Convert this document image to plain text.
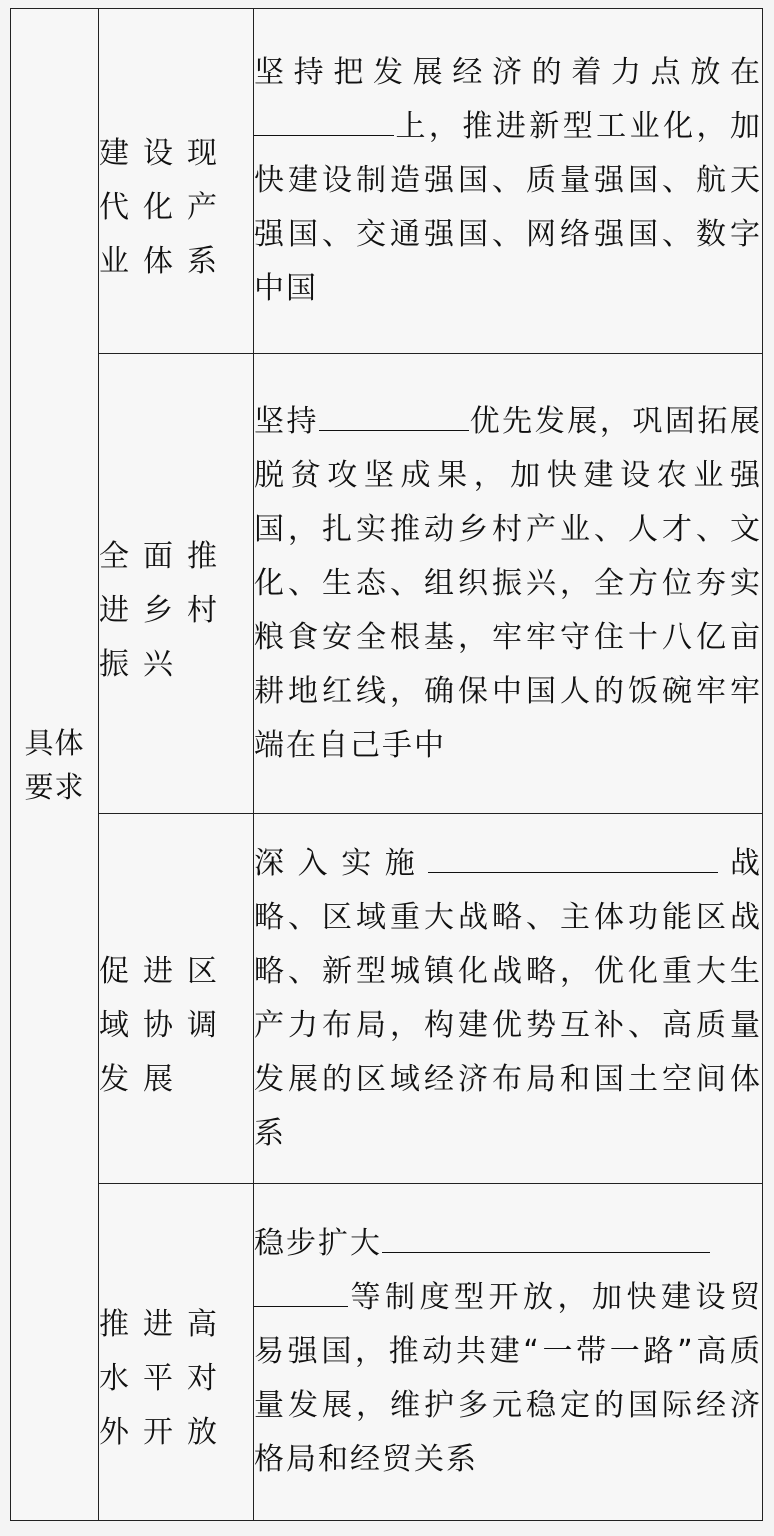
具体要求	建设现
代化产
业体系	坚持把发展经济的着力点放在上，推进新型工业化，加快建设制造强国、质量强国、航天强国、交通强国、网络强国、数字中国

全面推
进乡村
振兴	坚持 优先发展，巩固拓展脱贫攻坚成果，加快建设农业强国，扎实推动乡村产业、人才、文化、生态、组织振兴，全方位夯实粮食安全根基，牢牢守住十八亿亩耕地红线，确保中国人的饭碗牢牢端在自己手中

促进区
域协调
发展	深入实施 战略、区域重大战略、主体功能区战略、新型城镇化战略，优化重大生产力布局，构建优势互补、高质量发展的区域经济布局和国土空间体系

推进高
水平对
外开放	稳步扩大
等制度型开放，加快建设贸易强国，推动共建“一带一路”高质量发展，维护多元稳定的国际经济格局和经贸关系
